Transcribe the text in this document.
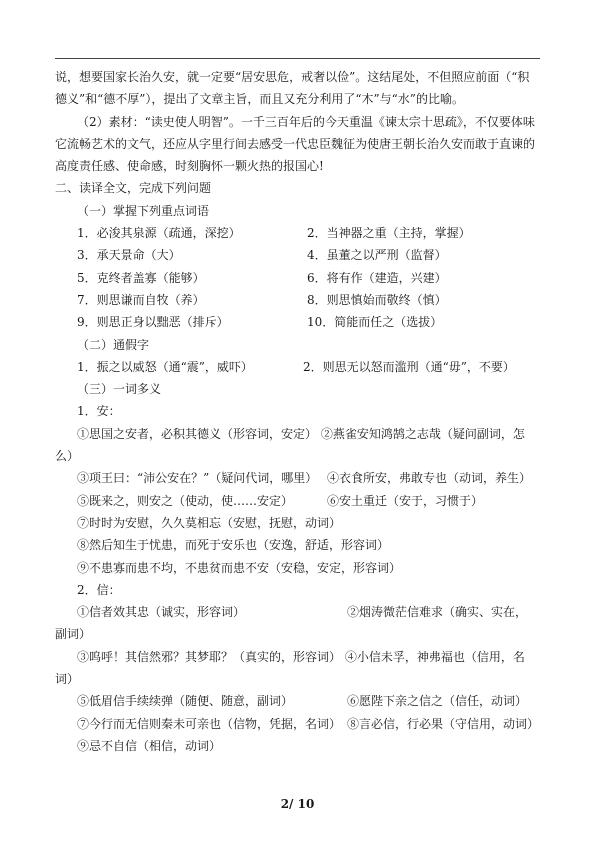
说，想要国家长治久安，就一定要“居安思危，戒奢以俭”。这结尾处，不但照应前面（“积
德义”和“德不厚”），提出了文章主旨，而且又充分利用了“木”与“水”的比喻。
（2）素材：“读史使人明智”。一千三百年后的今天重温《谏太宗十思疏》，不仅要体味
它流畅艺术的文气，还应从字里行间去感受一代忠臣魏征为使唐王朝长治久安而敢于直谏的
高度责任感、使命感，时刻胸怀一颗火热的报国心!
二、读译全文，完成下列问题
（一）掌握下列重点词语
1．必浚其泉源（疏通，深挖）	2．当神器之重（主持，掌握）
3．承天景命（大）	4．虽董之以严刑（监督）
5．克终者盖寡（能够）	6．将有作（建造，兴建）
7．则思谦而自牧（养）	8．则思慎始而敬终（慎）
9．则思正身以黜恶（排斥）	10．简能而任之（选拔）
（二）通假字
1．振之以威怒（通“震”，威吓）	2．则思无以怒而滥刑（通“毋”，不要）
（三）一词多义
1．安：
①思国之安者，必积其德义（形容词，安定） ②燕雀安知鸿鹄之志哉（疑问副词，怎
么）
③项王曰：“沛公安在？”（疑问代词，哪里） ④衣食所安，弗敢专也（动词，养生）
⑤既来之，则安之（使动，使……安定）	⑥安土重迁（安于，习惯于）
⑦时时为安慰，久久莫相忘（安慰，抚慰，动词）
⑧然后知生于忧患，而死于安乐也（安逸，舒适，形容词）
⑨不患寡而患不均，不患贫而患不安（安稳，安定，形容词）
2．信：
①信者效其忠（诚实，形容词）	②烟涛微茫信难求（确实、实在，
副词）
③呜呼！其信然邪？其梦耶？（真实的，形容词） ④小信未孚，神弗福也（信用，名
词）
⑤低眉信手续续弹（随便、随意，副词）	⑥愿陛下亲之信之（信任，动词）
⑦今行而无信则秦未可亲也（信物，凭据，名词） ⑧言必信，行必果（守信用，动词）
⑨忌不自信（相信，动词）
2/ 10
